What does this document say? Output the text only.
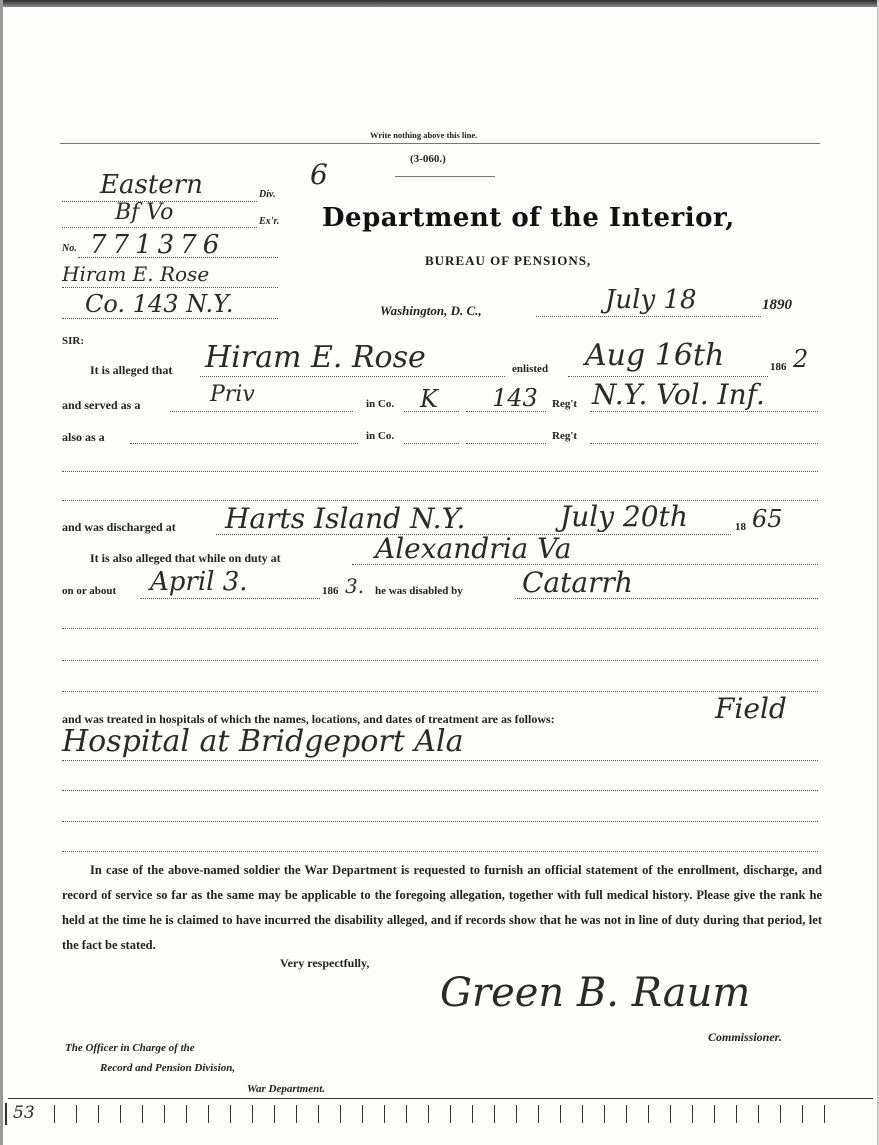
Write nothing above this line.
(3-060.)
6
Eastern	Div.
Bf Vo	Ex'r.
No. 771376
Hiram E. Rose
Co. 143 N.Y.
Department of the Interior,
BUREAU OF PENSIONS,
Washington, D. C.,	July 18	1890
SIR:
It is alleged that Hiram E. Rose	enlisted Aug 16th	186 2
and served as a	Priv	in Co. K 143 Reg't N.Y. Vol. Inf.
also as a	in Co.	Reg't
and was discharged at Harts Island N.Y.	July 20th	18 65
It is also alleged that while on duty at	Alexandria Va
on or about April 3.	186 3. he was disabled by Catarrh
and was treated in hospitals of which the names, locations, and dates of treatment are as follows:	Field
Hospital at Bridgeport Ala
In case of the above-named soldier the War Department is requested to furnish an official statement of the enrollment, discharge, and record of service so far as the same may be applicable to the foregoing allegation, together with full medical history. Please give the rank he held at the time he is claimed to have incurred the disability alleged, and if records show that he was not in line of duty during that period, let the fact be stated.
Very respectfully,
Green B. Raum
Commissioner.
The Officer in Charge of the
Record and Pension Division,
War Department.
53
